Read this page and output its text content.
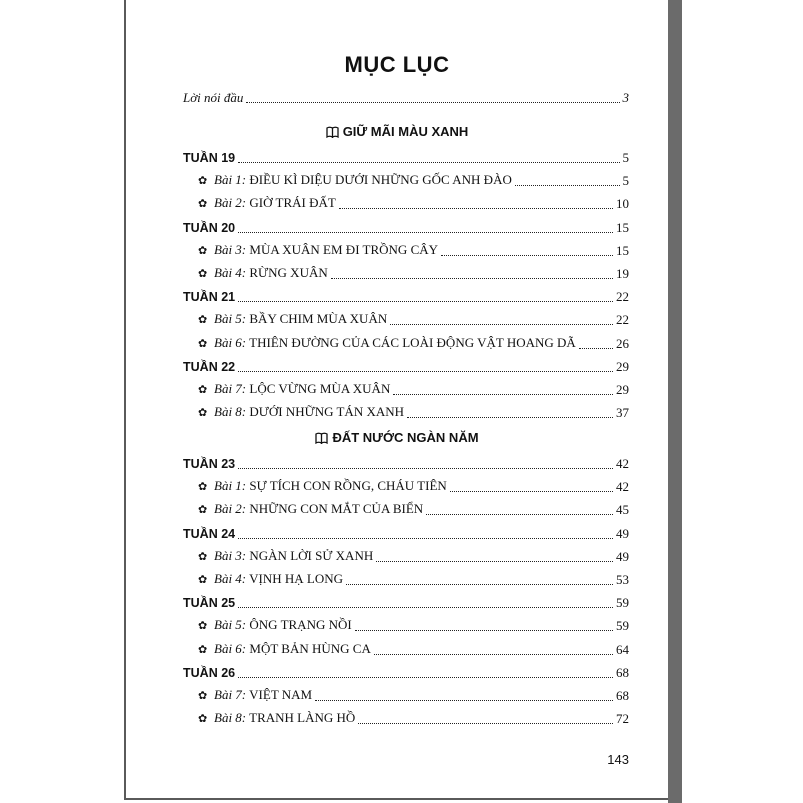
MỤC LỤC
Lời nói đầu	3
GIỮ MÃI MÀU XANH
TUẦN 19	5
✿ Bài 1: ĐIỀU KÌ DIỆU DƯỚI NHỮNG GỐC ANH ĐÀO	5
✿ Bài 2: GIỜ TRÁI ĐẤT	10
TUẦN 20	15
✿ Bài 3: MÙA XUÂN EM ĐI TRỒNG CÂY	15
✿ Bài 4: RỪNG XUÂN	19
TUẦN 21	22
✿ Bài 5: BẦY CHIM MÙA XUÂN	22
✿ Bài 6: THIÊN ĐƯỜNG CỦA CÁC LOÀI ĐỘNG VẬT HOANG DÃ	26
TUẦN 22	29
✿ Bài 7: LỘC VỪNG MÙA XUÂN	29
✿ Bài 8: DƯỚI NHỮNG TÁN XANH	37
ĐẤT NƯỚC NGÀN NĂM
TUẦN 23	42
✿ Bài 1: SỰ TÍCH CON RỒNG, CHÁU TIÊN	42
✿ Bài 2: NHỮNG CON MẮT CỦA BIỂN	45
TUẦN 24	49
✿ Bài 3: NGÀN LỜI SỬ XANH	49
✿ Bài 4: VỊNH HẠ LONG	53
TUẦN 25	59
✿ Bài 5: ÔNG TRẠNG NỒI	59
✿ Bài 6: MỘT BẢN HÙNG CA	64
TUẦN 26	68
✿ Bài 7: VIỆT NAM	68
✿ Bài 8: TRANH LÀNG HỒ	72
143
